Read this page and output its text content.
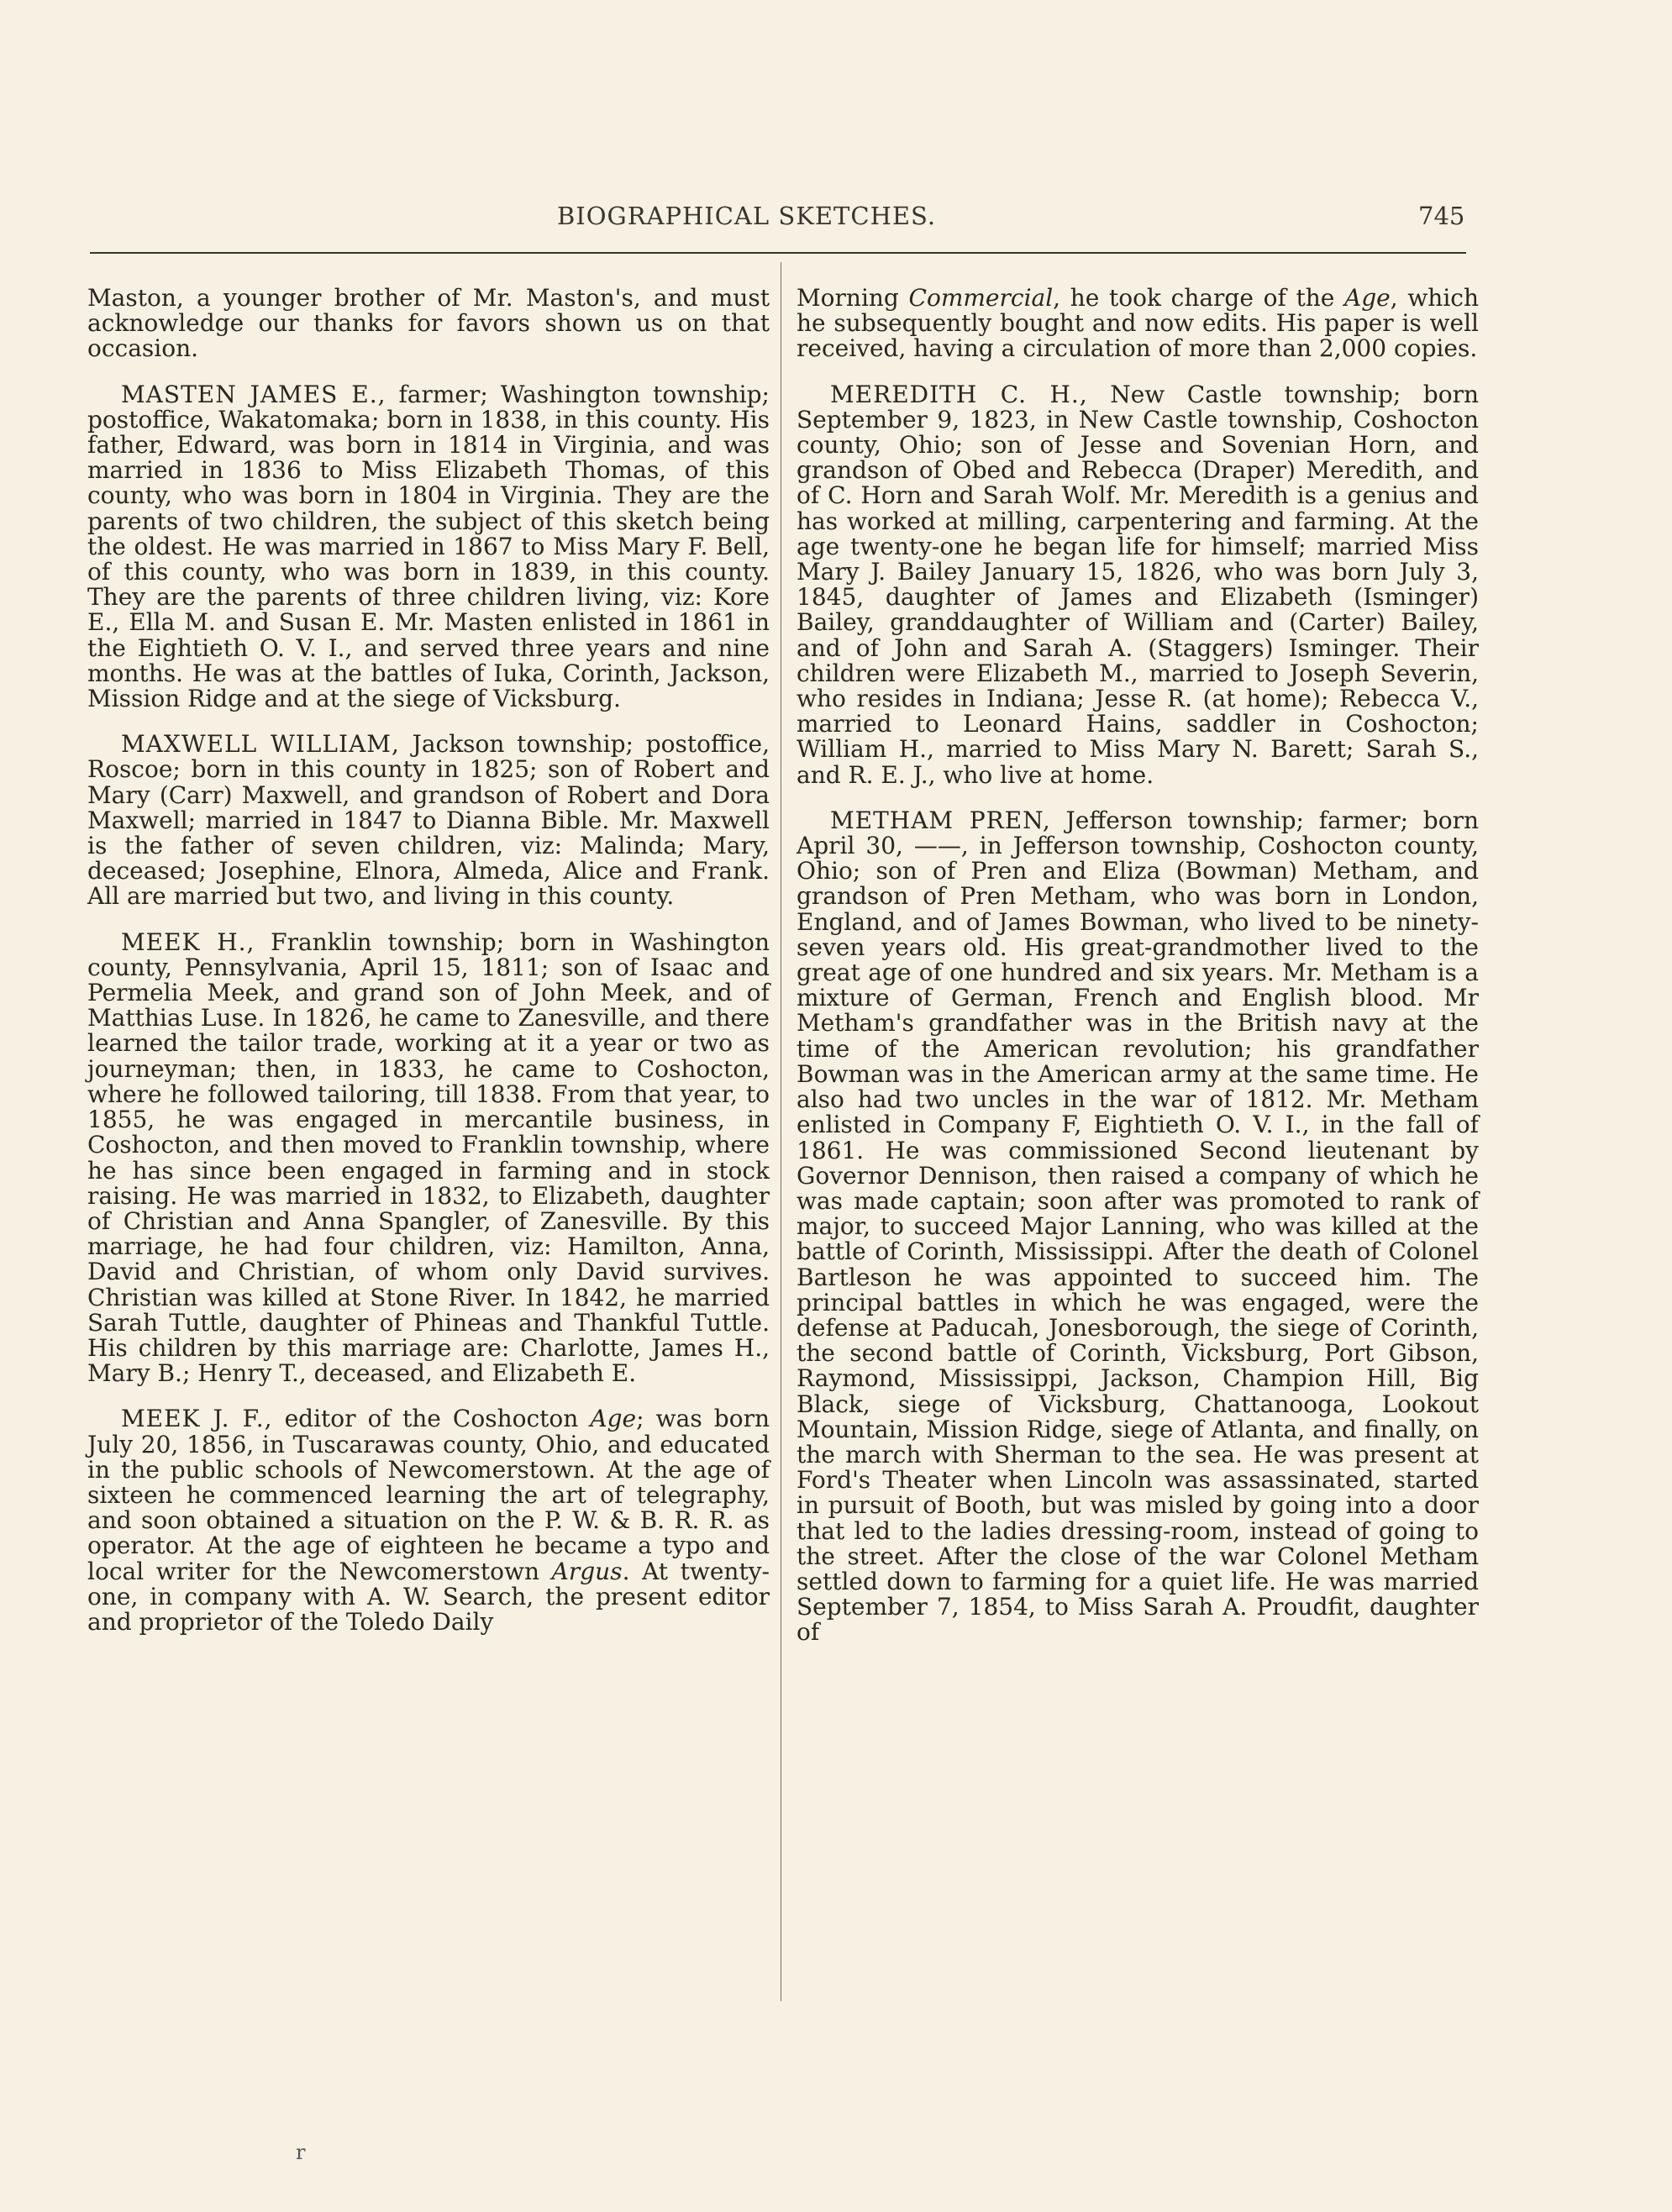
BIOGRAPHICAL SKETCHES.	745

Maston, a younger brother of Mr. Maston's, and must acknowledge our thanks for favors shown us on that occasion.

MASTEN JAMES E., farmer; Washington township; postoffice, Wakatomaka; born in 1838, in this county. His father, Edward, was born in 1814 in Virginia, and was married in 1836 to Miss Elizabeth Thomas, of this county, who was born in 1804 in Virginia. They are the parents of two children, the subject of this sketch being the oldest. He was married in 1867 to Miss Mary F. Bell, of this county, who was born in 1839, in this county. They are the parents of three children living, viz: Kore E., Ella M. and Susan E. Mr. Masten enlisted in 1861 in the Eightieth O. V. I., and served three years and nine months. He was at the battles of Iuka, Corinth, Jackson, Mission Ridge and at the siege of Vicksburg.

MAXWELL WILLIAM, Jackson township; postoffice, Roscoe; born in this county in 1825; son of Robert and Mary (Carr) Maxwell, and grandson of Robert and Dora Maxwell; married in 1847 to Dianna Bible. Mr. Maxwell is the father of seven children, viz: Malinda; Mary, deceased; Josephine, Elnora, Almeda, Alice and Frank. All are married but two, and living in this county.

MEEK H., Franklin township; born in Washington county, Pennsylvania, April 15, 1811; son of Isaac and Permelia Meek, and grand son of John Meek, and of Matthias Luse. In 1826, he came to Zanesville, and there learned the tailor trade, working at it a year or two as journeyman; then, in 1833, he came to Coshocton, where he followed tailoring, till 1838. From that year, to 1855, he was engaged in mercantile business, in Coshocton, and then moved to Franklin township, where he has since been engaged in farming and in stock raising. He was married in 1832, to Elizabeth, daughter of Christian and Anna Spangler, of Zanesville. By this marriage, he had four children, viz: Hamilton, Anna, David and Christian, of whom only David survives. Christian was killed at Stone River. In 1842, he married Sarah Tuttle, daughter of Phineas and Thankful Tuttle. His children by this marriage are: Charlotte, James H., Mary B.; Henry T., deceased, and Elizabeth E.

MEEK J. F., editor of the Coshocton Age; was born July 20, 1856, in Tuscarawas county, Ohio, and educated in the public schools of Newcomerstown. At the age of sixteen he commenced learning the art of telegraphy, and soon obtained a situation on the P. W. & B. R. R. as operator. At the age of eighteen he became a typo and local writer for the Newcomerstown Argus. At twenty-one, in company with A. W. Search, the present editor and proprietor of the Toledo Daily

Morning Commercial, he took charge of the Age, which he subsequently bought and now edits. His paper is well received, having a circulation of more than 2,000 copies.

MEREDITH C. H., New Castle township; born September 9, 1823, in New Castle township, Coshocton county, Ohio; son of Jesse and Sovenian Horn, and grandson of Obed and Rebecca (Draper) Meredith, and of C. Horn and Sarah Wolf. Mr. Meredith is a genius and has worked at milling, carpentering and farming. At the age twenty-one he began life for himself; married Miss Mary J. Bailey January 15, 1826, who was born July 3, 1845, daughter of James and Elizabeth (Isminger) Bailey, granddaughter of William and (Carter) Bailey, and of John and Sarah A. (Staggers) Isminger. Their children were Elizabeth M., married to Joseph Severin, who resides in Indiana; Jesse R. (at home); Rebecca V., married to Leonard Hains, saddler in Coshocton; William H., married to Miss Mary N. Barett; Sarah S., and R. E. J., who live at home.

METHAM PREN, Jefferson township; farmer; born April 30, ——, in Jefferson township, Coshocton county, Ohio; son of Pren and Eliza (Bowman) Metham, and grandson of Pren Metham, who was born in London, England, and of James Bowman, who lived to be ninety-seven years old. His great-grandmother lived to the great age of one hundred and six years. Mr. Metham is a mixture of German, French and English blood. Mr Metham's grandfather was in the British navy at the time of the American revolution; his grandfather Bowman was in the American army at the same time. He also had two uncles in the war of 1812. Mr. Metham enlisted in Company F, Eightieth O. V. I., in the fall of 1861. He was commissioned Second lieutenant by Governor Dennison, then raised a company of which he was made captain; soon after was promoted to rank of major, to succeed Major Lanning, who was killed at the battle of Corinth, Mississippi. After the death of Colonel Bartleson he was appointed to succeed him. The principal battles in which he was engaged, were the defense at Paducah, Jonesborough, the siege of Corinth, the second battle of Corinth, Vicksburg, Port Gibson, Raymond, Mississippi, Jackson, Champion Hill, Big Black, siege of Vicksburg, Chattanooga, Lookout Mountain, Mission Ridge, siege of Atlanta, and finally, on the march with Sherman to the sea. He was present at Ford's Theater when Lincoln was assassinated, started in pursuit of Booth, but was misled by going into a door that led to the ladies dressing-room, instead of going to the street. After the close of the war Colonel Metham settled down to farming for a quiet life. He was married September 7, 1854, to Miss Sarah A. Proudfit, daughter of

r
